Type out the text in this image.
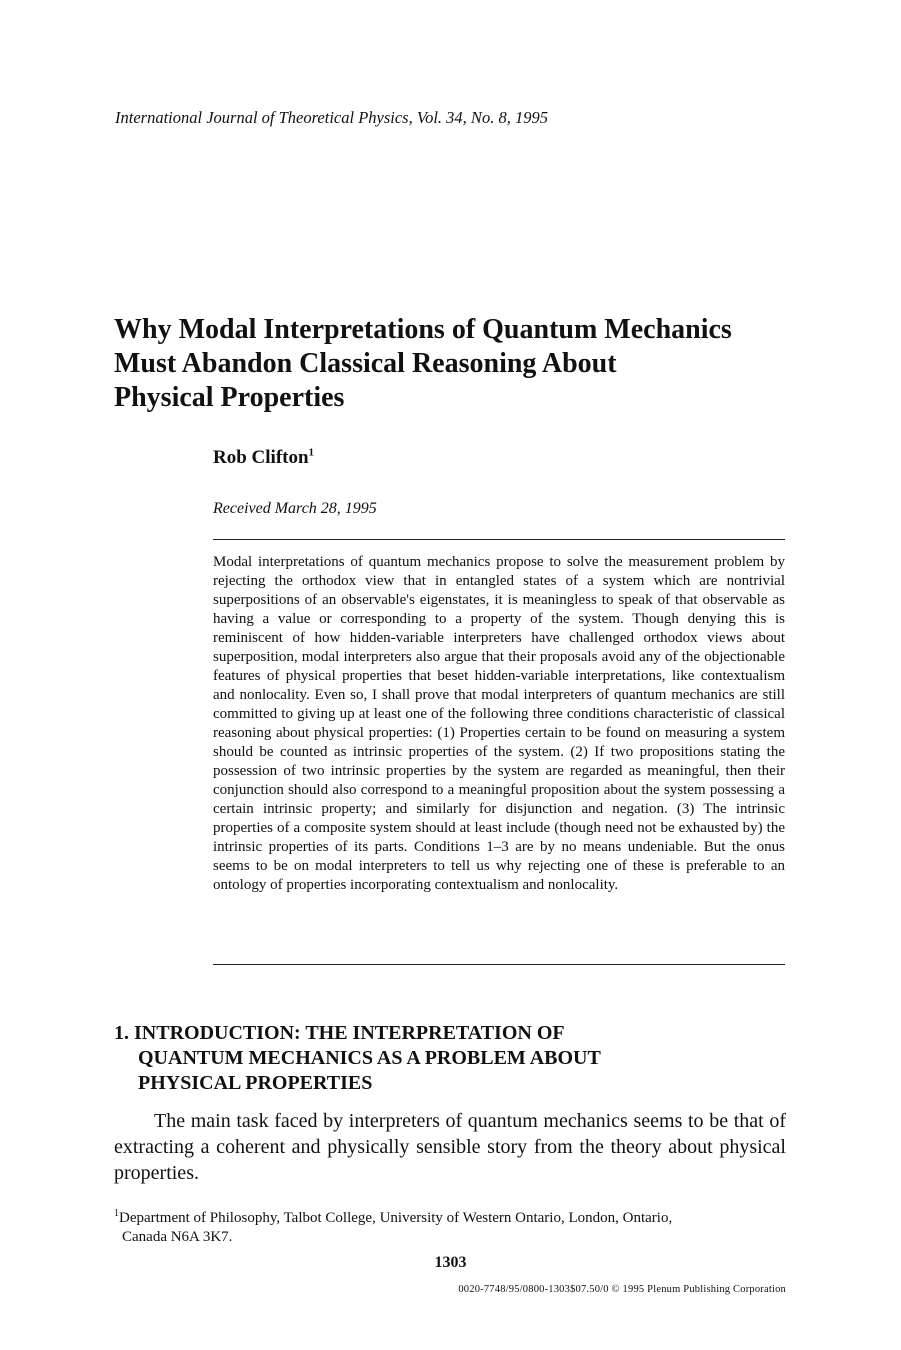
International Journal of Theoretical Physics, Vol. 34, No. 8, 1995
Why Modal Interpretations of Quantum Mechanics
Must Abandon Classical Reasoning About
Physical Properties
Rob Clifton$^1$
Received March 28, 1995

Modal interpretations of quantum mechanics propose to solve the measurement problem by rejecting the orthodox view that in entangled states of a system which are nontrivial superpositions of an observable's eigenstates, it is meaningless to speak of that observable as having a value or corresponding to a property of the system. Though denying this is reminiscent of how hidden-variable interpreters have challenged orthodox views about superposition, modal interpreters also argue that their proposals avoid any of the objectionable features of physical properties that beset hidden-variable interpretations, like contextualism and nonlocality. Even so, I shall prove that modal interpreters of quantum mechanics are still committed to giving up at least one of the following three conditions characteristic of classical reasoning about physical properties: (1) Properties certain to be found on measuring a system should be counted as intrinsic properties of the system. (2) If two propositions stating the possession of two intrinsic properties by the system are regarded as meaningful, then their conjunction should also correspond to a meaningful proposition about the system possessing a certain intrinsic property; and similarly for disjunction and negation. (3) The intrinsic properties of a composite system should at least include (though need not be exhausted by) the intrinsic properties of its parts. Conditions 1–3 are by no means undeniable. But the onus seems to be on modal interpreters to tell us why rejecting one of these is preferable to an ontology of properties incorporating contextualism and nonlocality.

1. INTRODUCTION: THE INTERPRETATION OF
QUANTUM MECHANICS AS A PROBLEM ABOUT
PHYSICAL PROPERTIES

The main task faced by interpreters of quantum mechanics seems to be that of extracting a coherent and physically sensible story from the theory about physical properties.

$^1$Department of Philosophy, Talbot College, University of Western Ontario, London, Ontario,
Canada N6A 3K7.
1303
0020-7748/95/0800-1303$07.50/0 © 1995 Plenum Publishing Corporation
